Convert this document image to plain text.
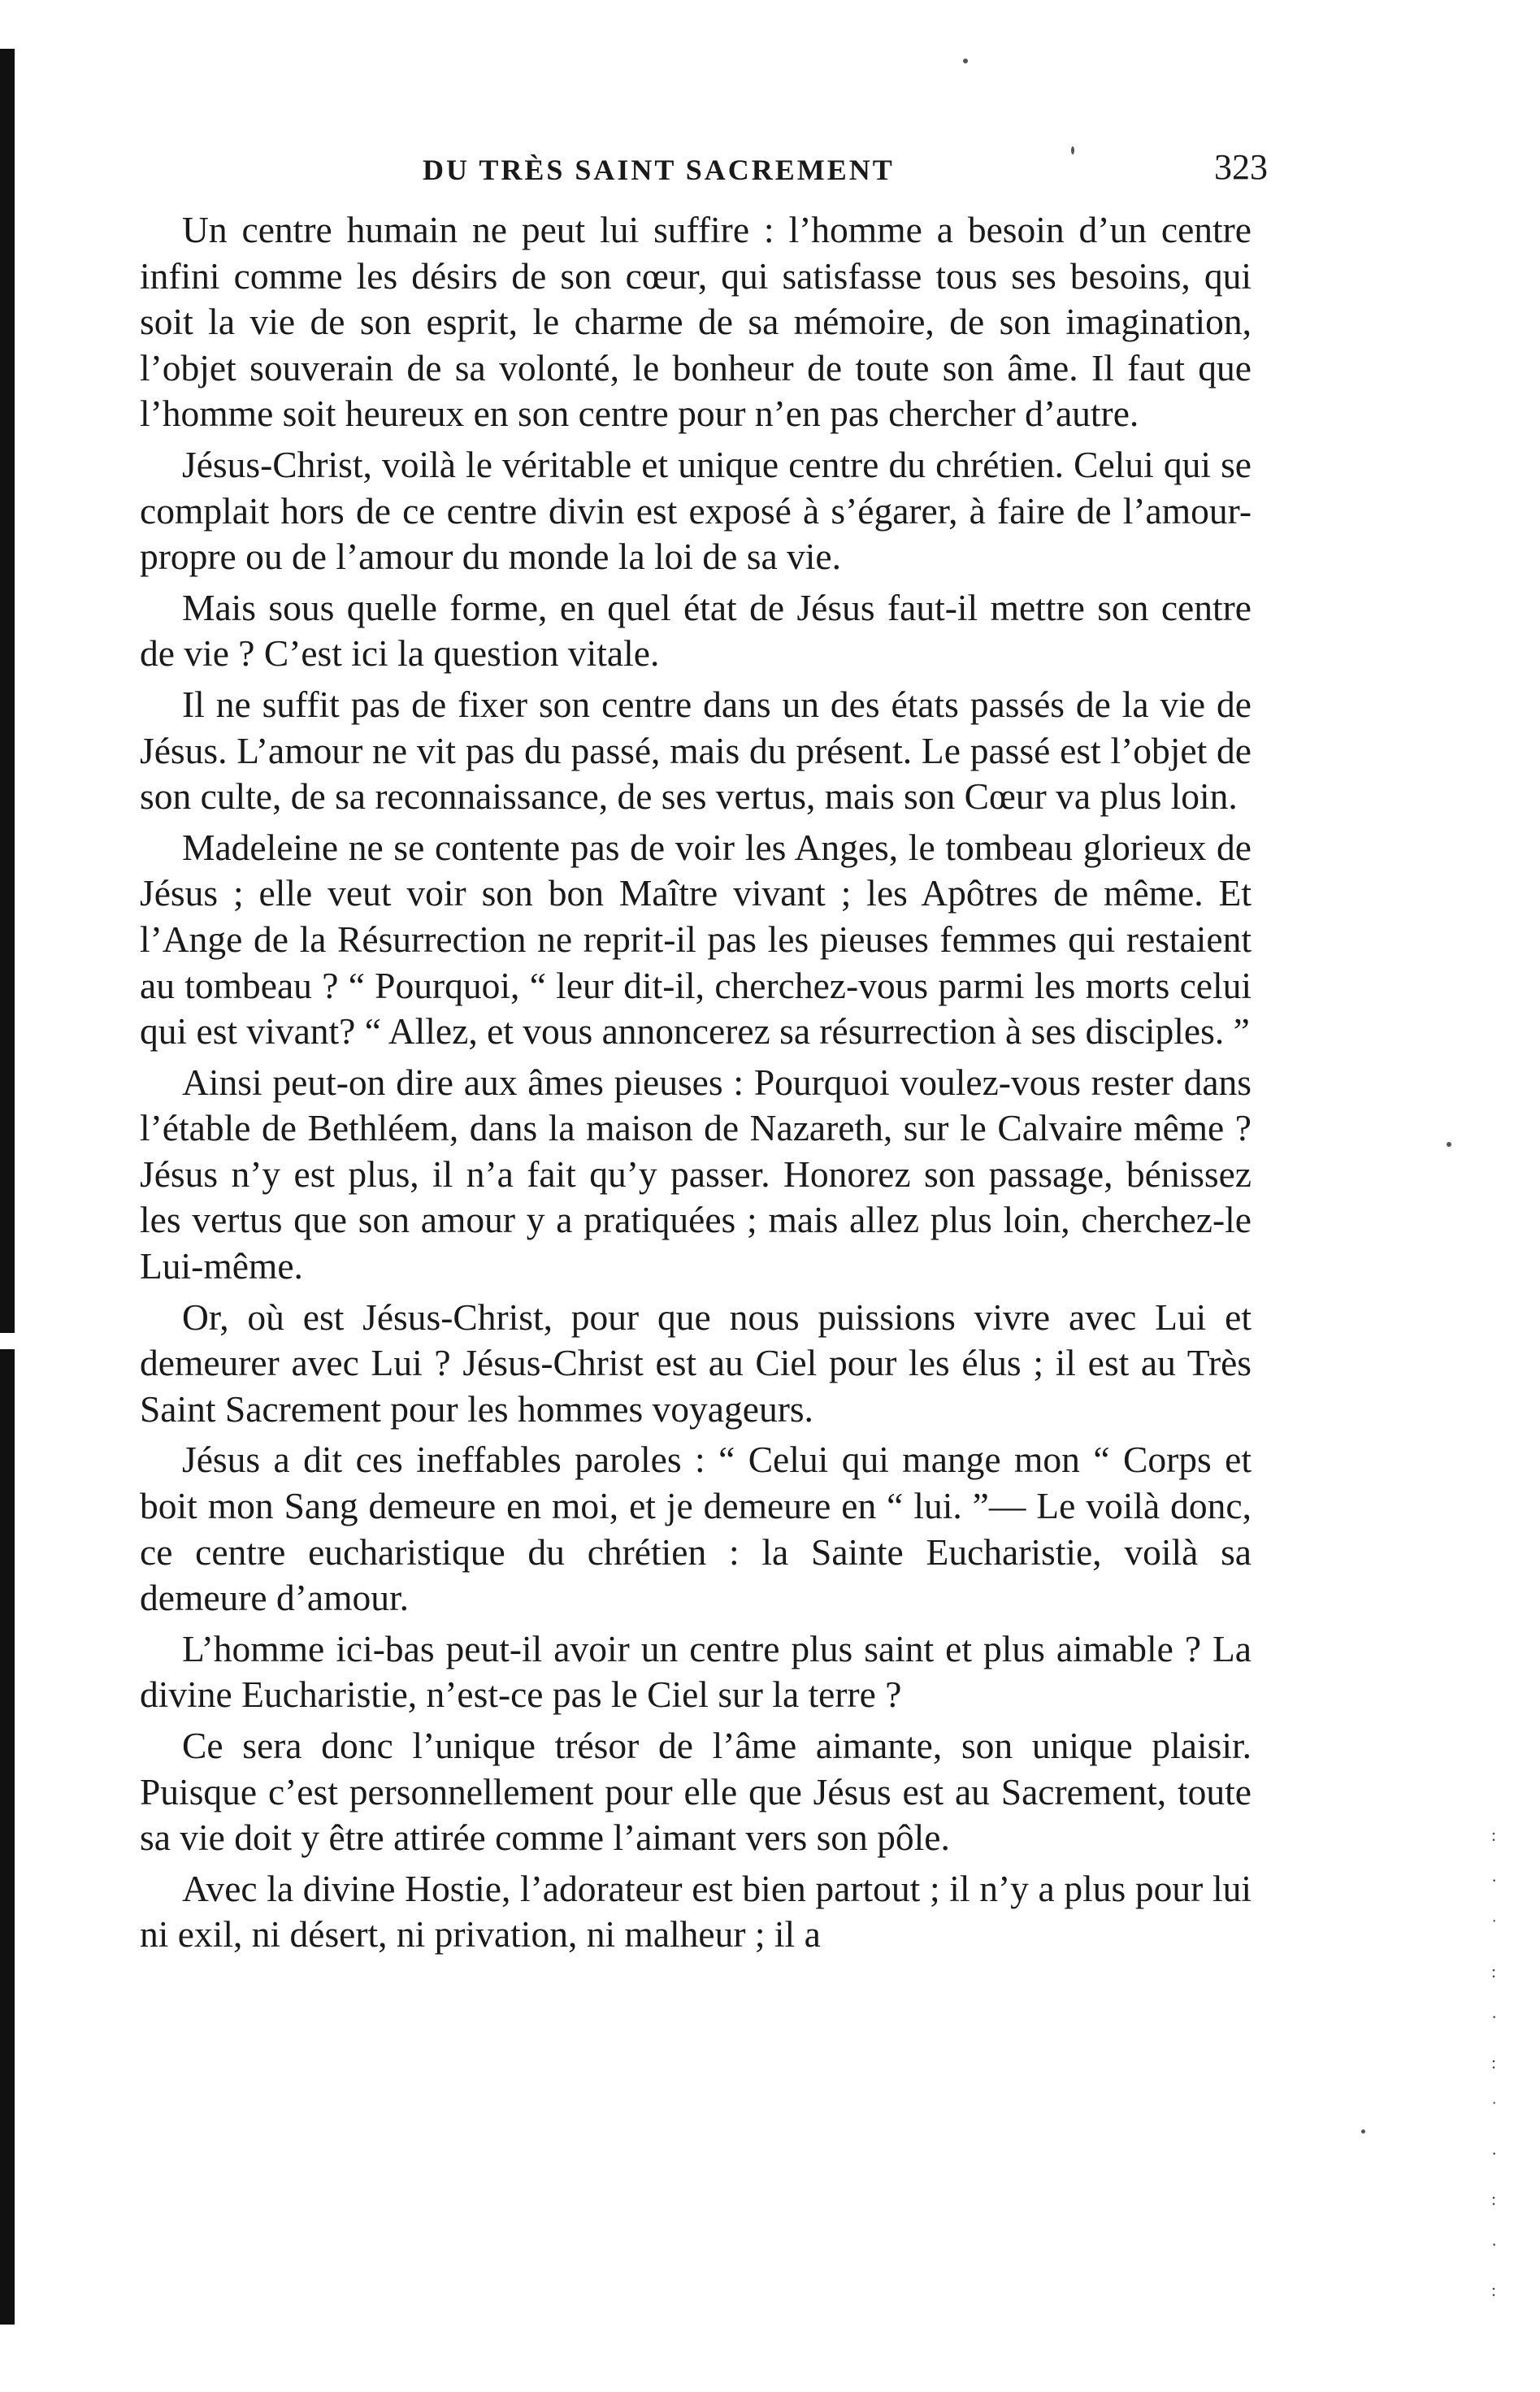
DU TRÈS SAINT SACREMENT	323

Un centre humain ne peut lui suffire : l’homme a besoin d’un centre infini comme les désirs de son cœur, qui satisfasse tous ses besoins, qui soit la vie de son esprit, le charme de sa mémoire, de son imagination, l’objet souverain de sa volonté, le bonheur de toute son âme. Il faut que l’homme soit heureux en son centre pour n’en pas chercher d’autre.

Jésus-Christ, voilà le véritable et unique centre du chrétien. Celui qui se complait hors de ce centre divin est exposé à s’égarer, à faire de l’amour-propre ou de l’amour du monde la loi de sa vie.

Mais sous quelle forme, en quel état de Jésus faut-il mettre son centre de vie ? C’est ici la question vitale.

Il ne suffit pas de fixer son centre dans un des états passés de la vie de Jésus. L’amour ne vit pas du passé, mais du présent. Le passé est l’objet de son culte, de sa reconnaissance, de ses vertus, mais son Cœur va plus loin.

Madeleine ne se contente pas de voir les Anges, le tombeau glorieux de Jésus ; elle veut voir son bon Maître vivant ; les Apôtres de même. Et l’Ange de la Résurrection ne reprit-il pas les pieuses femmes qui restaient au tombeau ? “ Pourquoi, “ leur dit-il, cherchez-vous parmi les morts celui qui est vivant? “ Allez, et vous annoncerez sa résurrection à ses disciples. ”

Ainsi peut-on dire aux âmes pieuses : Pourquoi voulez-vous rester dans l’étable de Bethléem, dans la maison de Nazareth, sur le Calvaire même ? Jésus n’y est plus, il n’a fait qu’y passer. Honorez son passage, bénissez les vertus que son amour y a pratiquées ; mais allez plus loin, cherchez-le Lui-même.

Or, où est Jésus-Christ, pour que nous puissions vivre avec Lui et demeurer avec Lui ? Jésus-Christ est au Ciel pour les élus ; il est au Très Saint Sacrement pour les hommes voyageurs.

Jésus a dit ces ineffables paroles : “ Celui qui mange mon “ Corps et boit mon Sang demeure en moi, et je demeure en “ lui. ”— Le voilà donc, ce centre eucharistique du chrétien : la Sainte Eucharistie, voilà sa demeure d’amour.

L’homme ici-bas peut-il avoir un centre plus saint et plus aimable ? La divine Eucharistie, n’est-ce pas le Ciel sur la terre ?

Ce sera donc l’unique trésor de l’âme aimante, son unique plaisir. Puisque c’est personnellement pour elle que Jésus est au Sacrement, toute sa vie doit y être attirée comme l’aimant vers son pôle.

Avec la divine Hostie, l’adorateur est bien partout ; il n’y a plus pour lui ni exil, ni désert, ni privation, ni malheur ; il a

:
·
˙
:
·
:
˙
·
:
·
:
